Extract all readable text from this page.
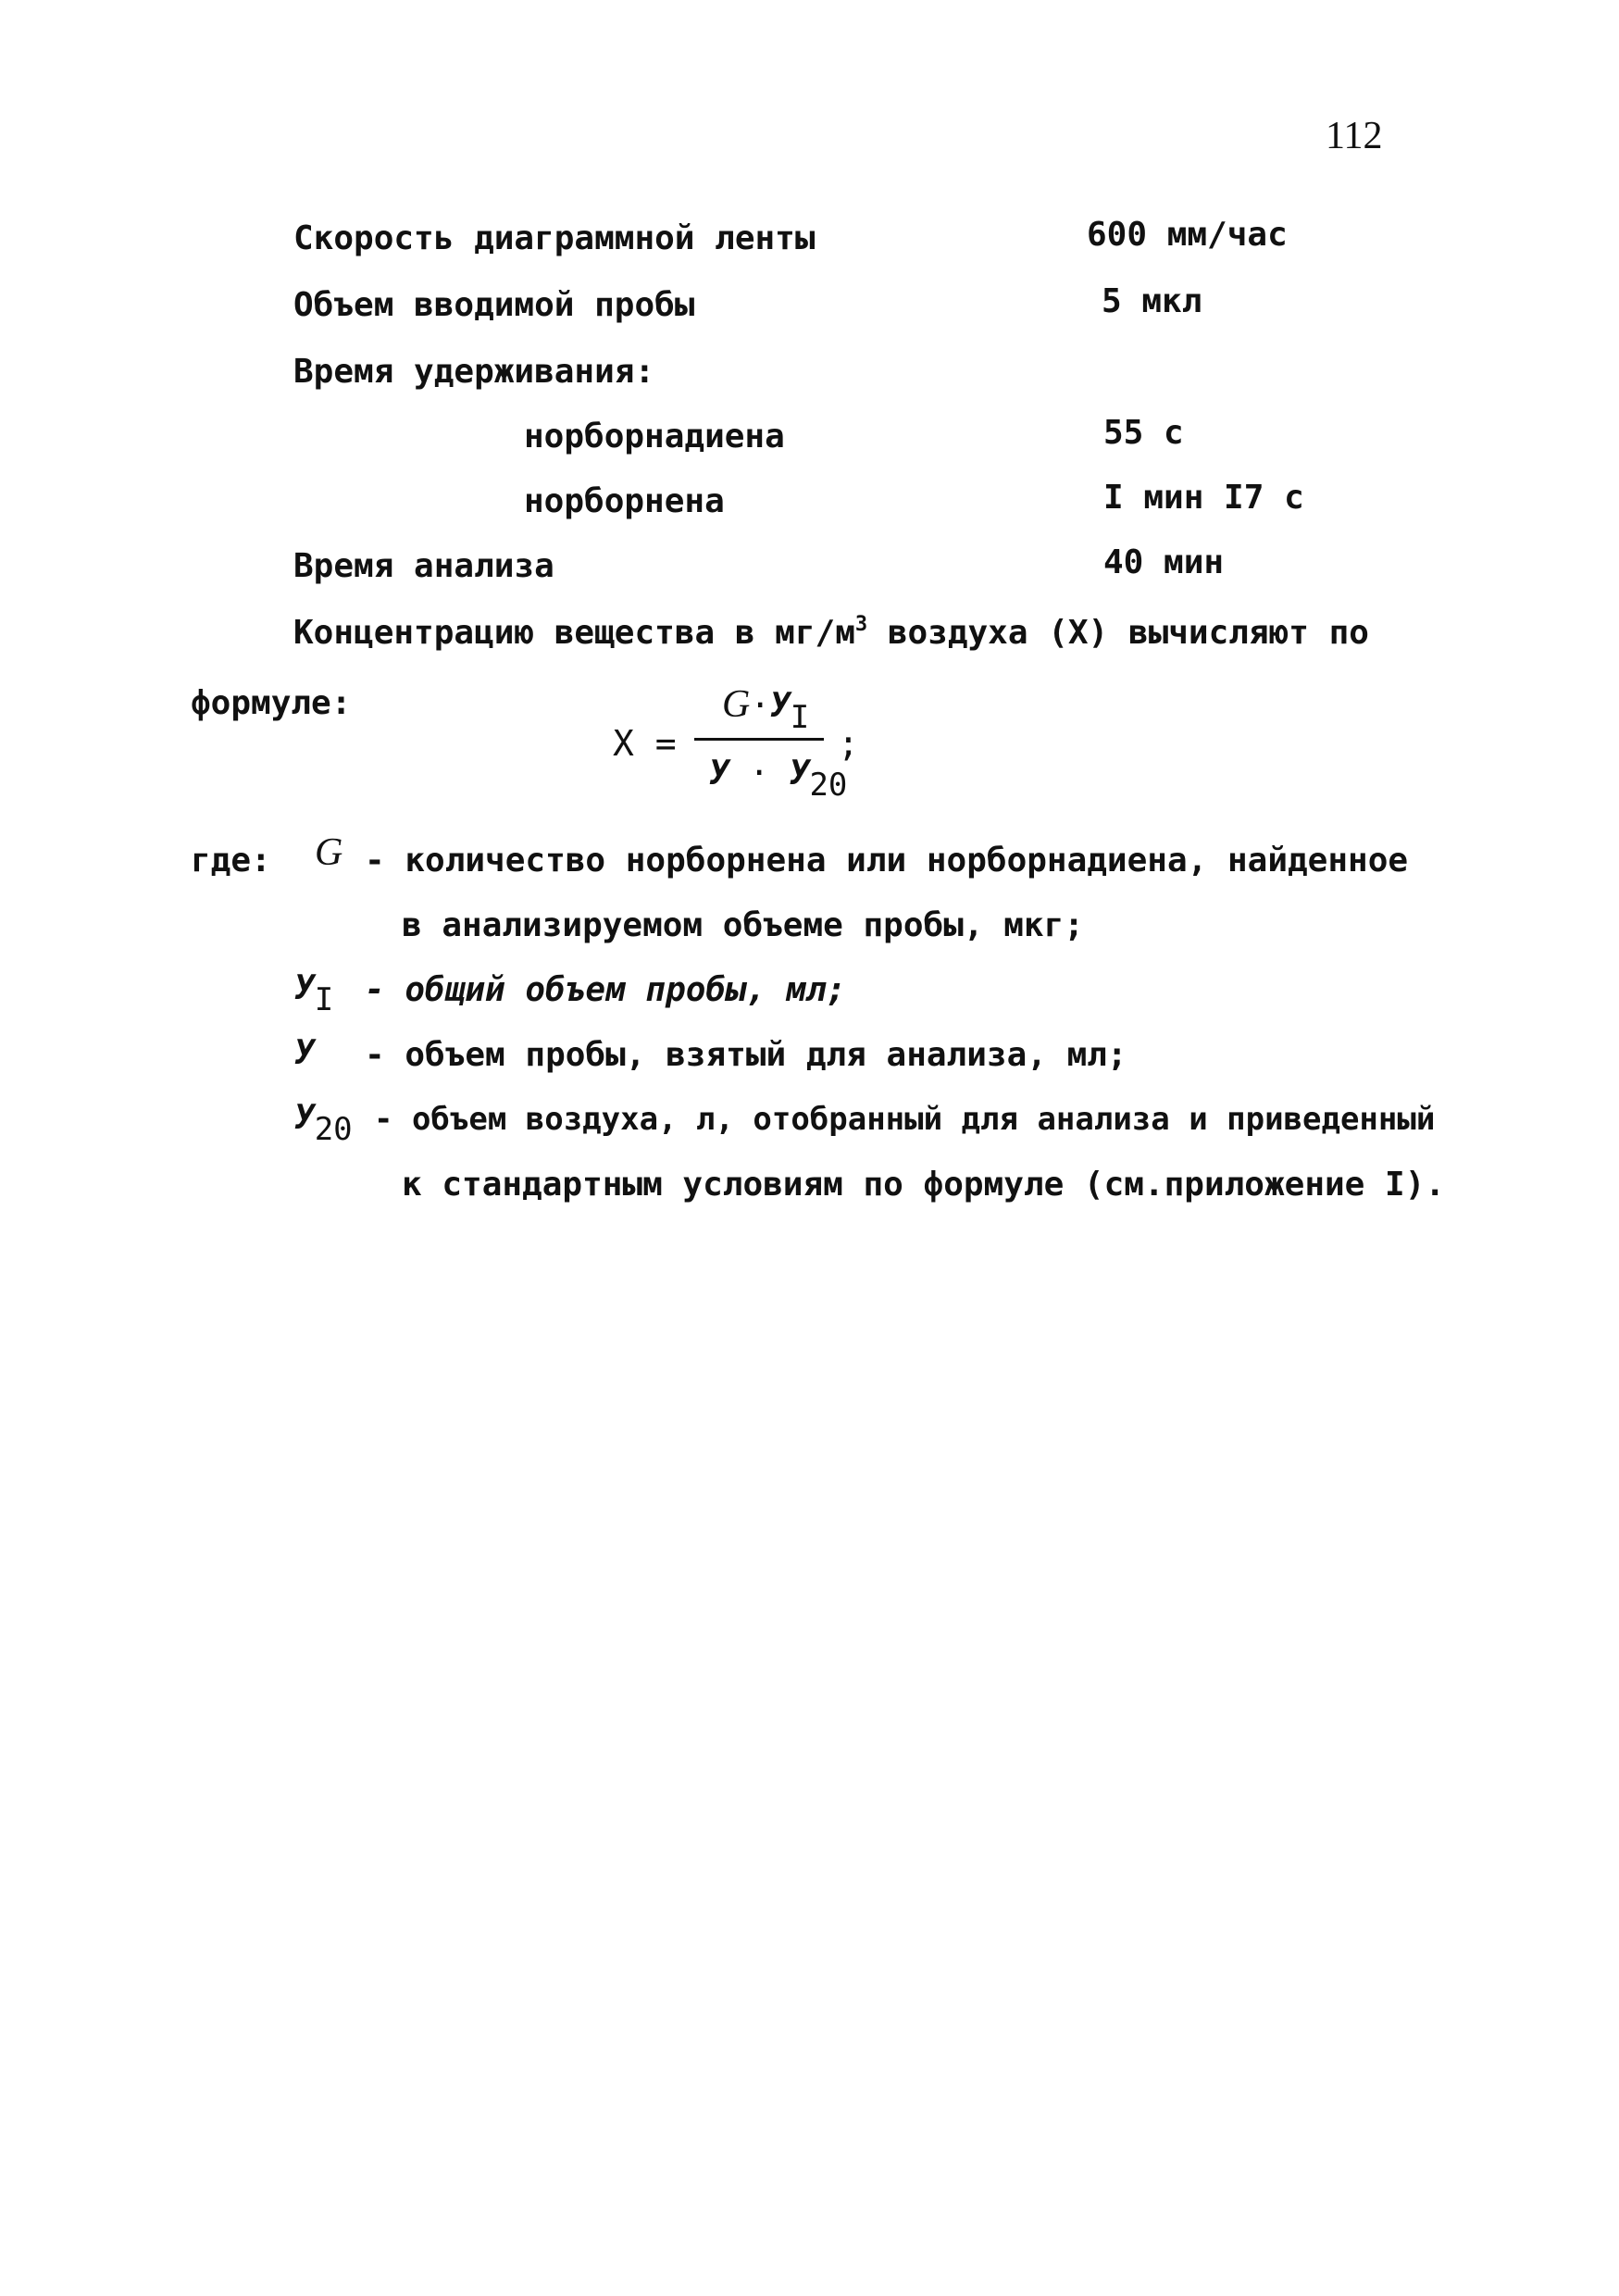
112
Скорость диаграммной ленты	600 мм/час
Объем вводимой пробы	5 мкл
Время удерживания:
норборнадиена	55 с
норборнена	I мин I7 с
Время анализа	40 мин
Концентрацию вещества в $мг/м^3$ воздуха (X) вычисляют по
формуле:
X =
G·УI
;
У · У20
где: G - количество норборнена или норборнадиена, найденное
в анализируемом объеме пробы, мкг;
УI - общий объем пробы, мл;
У - объем пробы, взятый для анализа, мл;
У20 - объем воздуха, л, отобранный для анализа и приведенный
к стандартным условиям по формуле (см.приложение I).
